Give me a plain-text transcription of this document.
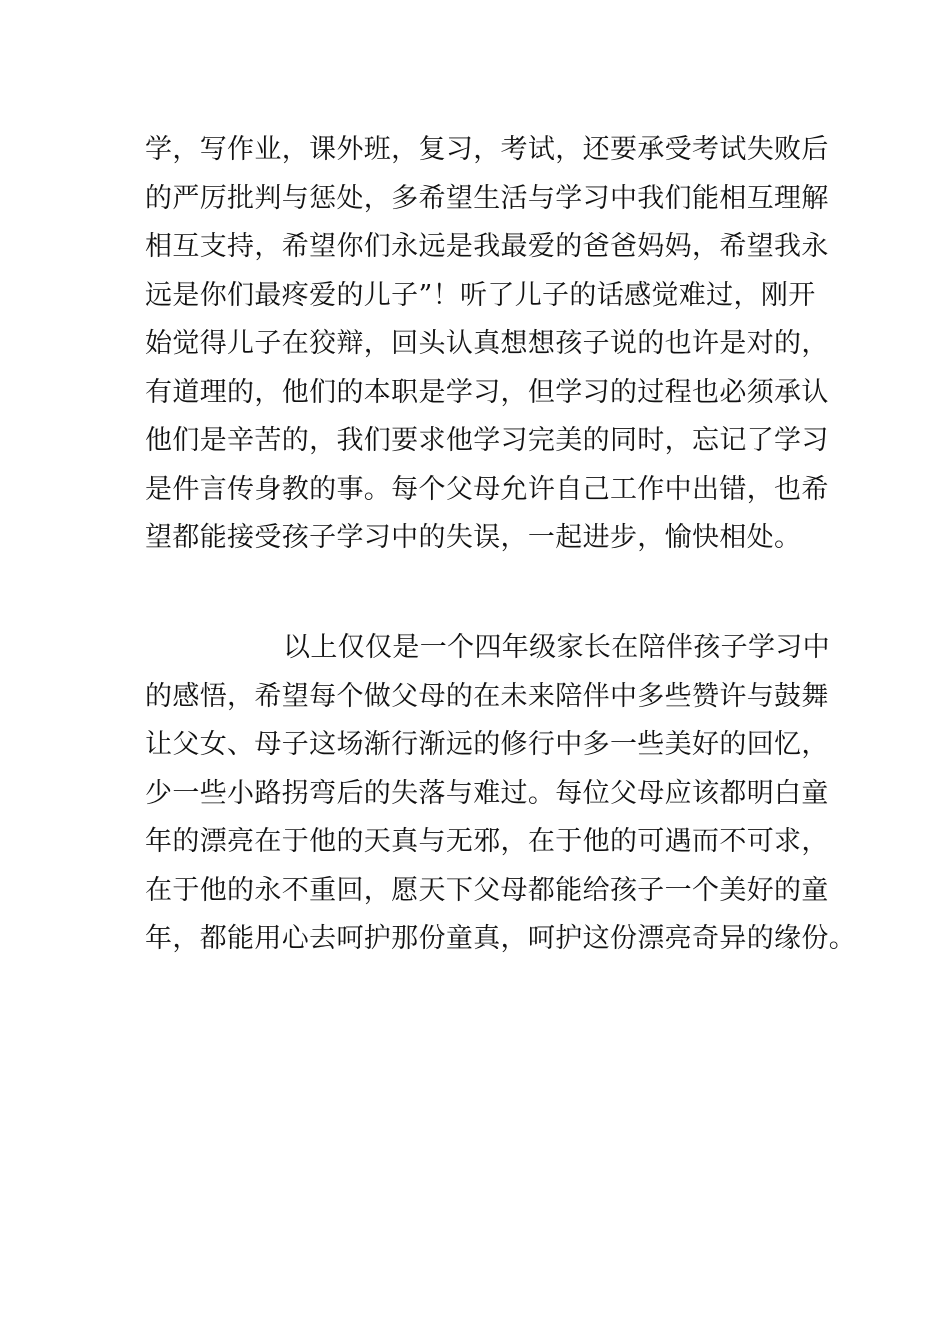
学，写作业，课外班，复习，考试，还要承受考试失败后
的严厉批判与惩处，多希望生活与学习中我们能相互理解
相互支持，希望你们永远是我最爱的爸爸妈妈，希望我永
远是你们最疼爱的儿子”！听了儿子的话感觉难过，刚开
始觉得儿子在狡辩，回头认真想想孩子说的也许是对的，
有道理的，他们的本职是学习，但学习的过程也必须承认
他们是辛苦的，我们要求他学习完美的同时，忘记了学习
是件言传身教的事。每个父母允许自己工作中出错，也希
望都能接受孩子学习中的失误，一起进步，愉快相处。
以上仅仅是一个四年级家长在陪伴孩子学习中
的感悟，希望每个做父母的在未来陪伴中多些赞许与鼓舞
让父女、母子这场渐行渐远的修行中多一些美好的回忆，
少一些小路拐弯后的失落与难过。每位父母应该都明白童
年的漂亮在于他的天真与无邪，在于他的可遇而不可求，
在于他的永不重回，愿天下父母都能给孩子一个美好的童
年，都能用心去呵护那份童真，呵护这份漂亮奇异的缘份。
